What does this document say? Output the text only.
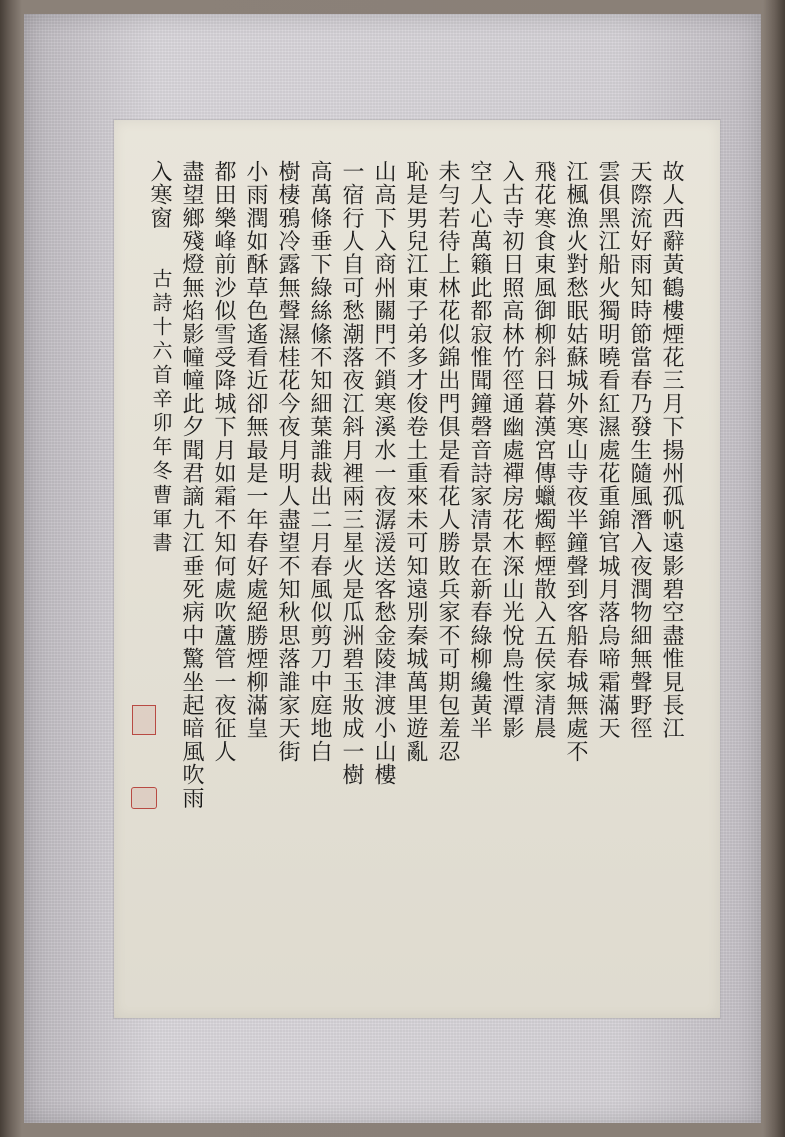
故人西辭黃鶴樓煙花三月下揚州孤帆遠影碧空盡惟見長江

天際流好雨知時節當春乃發生隨風潛入夜潤物細無聲野徑

雲俱黑江船火獨明曉看紅濕處花重錦官城月落烏啼霜滿天

江楓漁火對愁眠姑蘇城外寒山寺夜半鐘聲到客船春城無處不

飛花寒食東風御柳斜日暮漢宮傳蠟燭輕煙散入五侯家清晨

入古寺初日照高林竹徑通幽處禪房花木深山光悅鳥性潭影

空人心萬籟此都寂惟聞鐘磬音詩家清景在新春綠柳纔黃半

未勻若待上林花似錦出門俱是看花人勝敗兵家不可期包羞忍

恥是男兒江東子弟多才俊卷土重來未可知遠別秦城萬里遊亂

山高下入商州關門不鎖寒溪水一夜潺湲送客愁金陵津渡小山樓

一宿行人自可愁潮落夜江斜月裡兩三星火是瓜洲碧玉妝成一樹

高萬條垂下綠絲絛不知細葉誰裁出二月春風似剪刀中庭地白

樹棲鴉冷露無聲濕桂花今夜月明人盡望不知秋思落誰家天街

小雨潤如酥草色遙看近卻無最是一年春好處絕勝煙柳滿皇

都田樂峰前沙似雪受降城下月如霜不知何處吹蘆管一夜征人

盡望鄉殘燈無焰影幢幢此夕聞君謫九江垂死病中驚坐起暗風吹雨

入寒窗

古詩十六首辛卯年冬曹軍書
